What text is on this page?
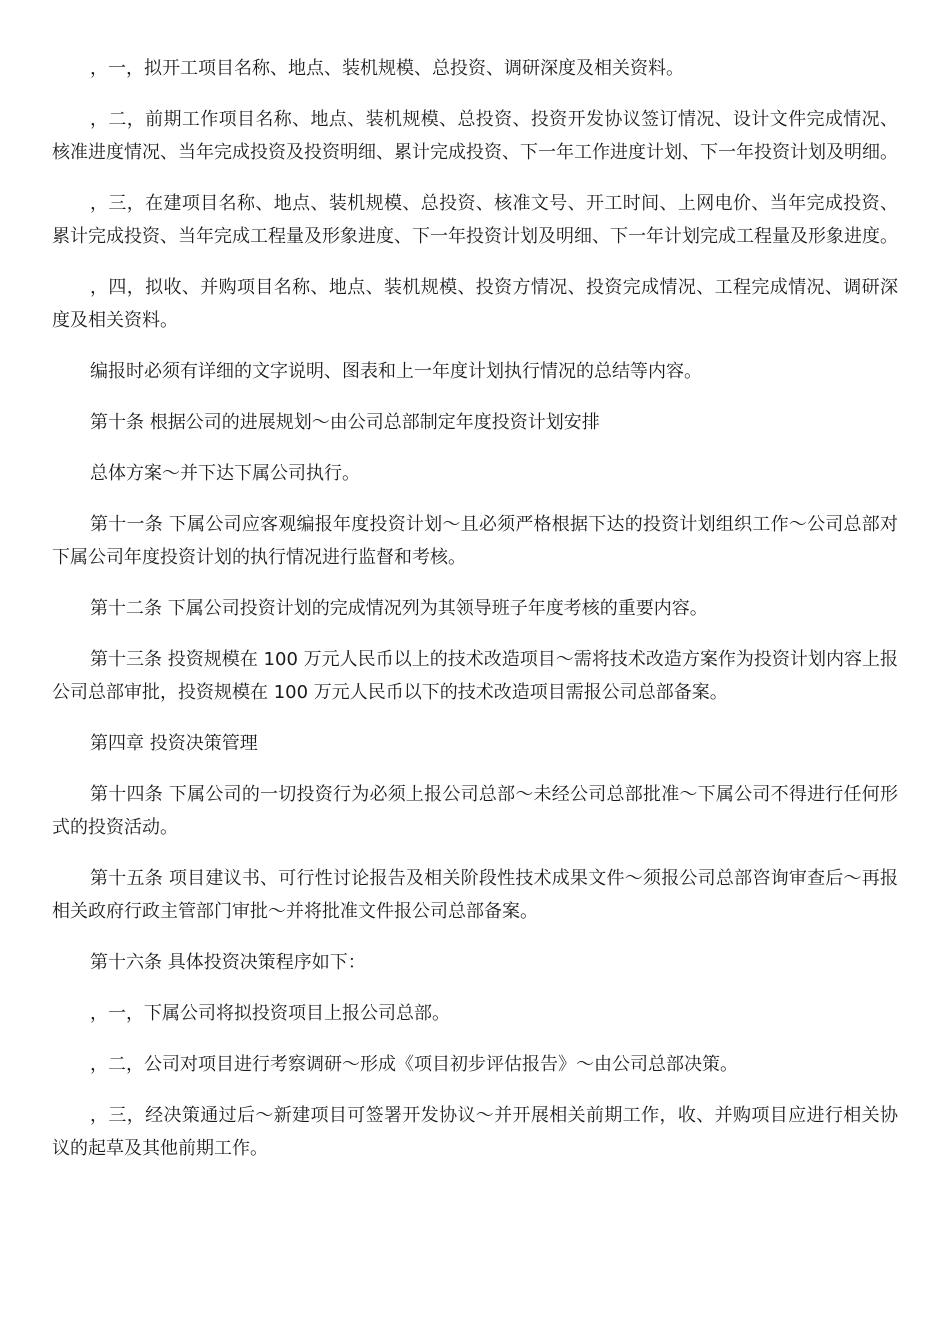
，一，拟开工项目名称、地点、装机规模、总投资、调研深度及相关资料。

，二，前期工作项目名称、地点、装机规模、总投资、投资开发协议签订情况、设计文件完成情况、核准进度情况、当年完成投资及投资明细、累计完成投资、下一年工作进度计划、下一年投资计划及明细。

，三，在建项目名称、地点、装机规模、总投资、核准文号、开工时间、上网电价、当年完成投资、累计完成投资、当年完成工程量及形象进度、下一年投资计划及明细、下一年计划完成工程量及形象进度。

，四，拟收、并购项目名称、地点、装机规模、投资方情况、投资完成情况、工程完成情况、调研深度及相关资料。

编报时必须有详细的文字说明、图表和上一年度计划执行情况的总结等内容。

第十条 根据公司的进展规划～由公司总部制定年度投资计划安排

总体方案～并下达下属公司执行。

第十一条 下属公司应客观编报年度投资计划～且必须严格根据下达的投资计划组织工作～公司总部对下属公司年度投资计划的执行情况进行监督和考核。

第十二条 下属公司投资计划的完成情况列为其领导班子年度考核的重要内容。

第十三条 投资规模在 100 万元人民币以上的技术改造项目～需将技术改造方案作为投资计划内容上报公司总部审批，投资规模在 100 万元人民币以下的技术改造项目需报公司总部备案。

第四章 投资决策管理

第十四条 下属公司的一切投资行为必须上报公司总部～未经公司总部批准～下属公司不得进行任何形式的投资活动。

第十五条 项目建议书、可行性讨论报告及相关阶段性技术成果文件～须报公司总部咨询审查后～再报相关政府行政主管部门审批～并将批准文件报公司总部备案。

第十六条 具体投资决策程序如下：

，一，下属公司将拟投资项目上报公司总部。

，二，公司对项目进行考察调研～形成《项目初步评估报告》～由公司总部决策。

，三，经决策通过后～新建项目可签署开发协议～并开展相关前期工作，收、并购项目应进行相关协议的起草及其他前期工作。
